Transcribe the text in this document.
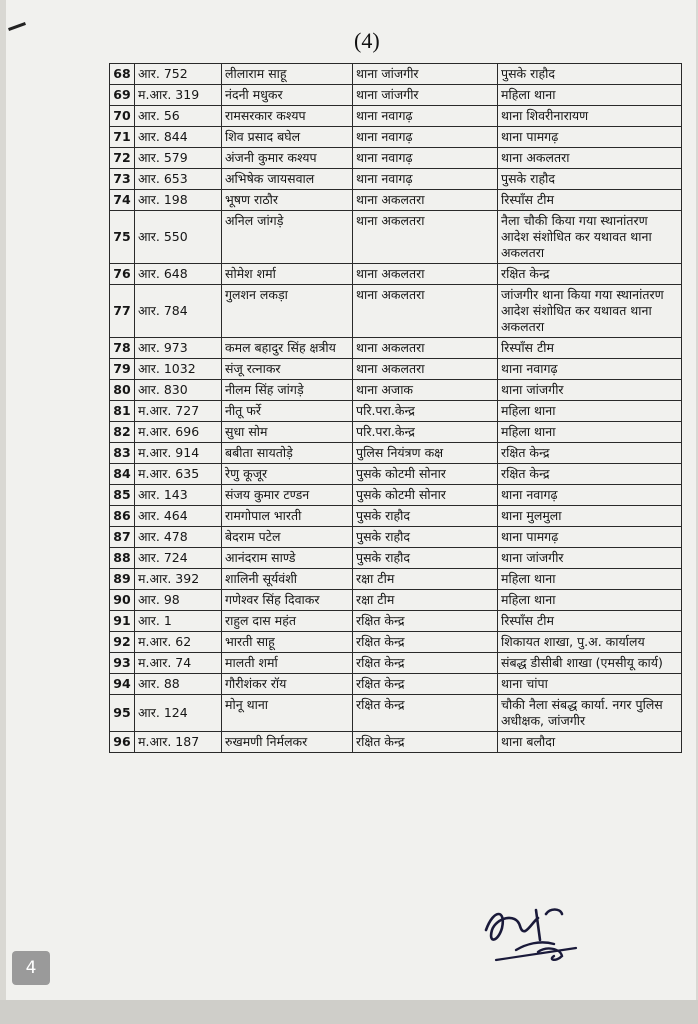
(4)
68	आर. 752	लीलाराम साहू	थाना जांजगीर	पुसके राहौद
69	म.आर. 319	नंदनी मधुकर	थाना जांजगीर	महिला थाना
70	आर. 56	रामसरकार कश्यप	थाना नवागढ़	थाना शिवरीनारायण
71	आर. 844	शिव प्रसाद बघेल	थाना नवागढ़	थाना पामगढ़
72	आर. 579	अंजनी कुमार कश्यप	थाना नवागढ़	थाना अकलतरा
73	आर. 653	अभिषेक जायसवाल	थाना नवागढ़	पुसके राहौद
74	आर. 198	भूषण राठौर	थाना अकलतरा	रिस्पॉंस टीम
75	आर. 550	अनिल जांगड़े	थाना अकलतरा	नैला चौकी किया गया स्थानांतरण आदेश संशोधित कर यथावत थाना अकलतरा
76	आर. 648	सोमेश शर्मा	थाना अकलतरा	रक्षित केन्द्र
77	आर. 784	गुलशन लकड़ा	थाना अकलतरा	जांजगीर थाना किया गया स्थानांतरण आदेश संशोधित कर यथावत थाना अकलतरा
78	आर. 973	कमल बहादुर सिंह क्षत्रीय	थाना अकलतरा	रिस्पॉंस टीम
79	आर. 1032	संजू रत्नाकर	थाना अकलतरा	थाना नवागढ़
80	आर. 830	नीलम सिंह जांगड़े	थाना अजाक	थाना जांजगीर
81	म.आर. 727	नीतू फर्रे	परि.परा.केन्द्र	महिला थाना
82	म.आर. 696	सुधा सोम	परि.परा.केन्द्र	महिला थाना
83	म.आर. 914	बबीता सायतोड़े	पुलिस नियंत्रण कक्ष	रक्षित केन्द्र
84	म.आर. 635	रेणु कूजूर	पुसके कोटमी सोनार	रक्षित केन्द्र
85	आर. 143	संजय कुमार टण्डन	पुसके कोटमी सोनार	थाना नवागढ़
86	आर. 464	रामगोपाल भारती	पुसके राहौद	थाना मुलमुला
87	आर. 478	बेदराम पटेल	पुसके राहौद	थाना पामगढ़
88	आर. 724	आनंदराम साण्डे	पुसके राहौद	थाना जांजगीर
89	म.आर. 392	शालिनी सूर्यवंशी	रक्षा टीम	महिला थाना
90	आर. 98	गणेश्वर सिंह दिवाकर	रक्षा टीम	महिला थाना
91	आर. 1	राहुल दास महंत	रक्षित केन्द्र	रिस्पॉंस टीम
92	म.आर. 62	भारती साहू	रक्षित केन्द्र	शिकायत शाखा, पु.अ. कार्यालय
93	म.आर. 74	मालती शर्मा	रक्षित केन्द्र	संबद्ध डीसीबी शाखा (एमसीयू कार्य)
94	आर. 88	गौरीशंकर रॉय	रक्षित केन्द्र	थाना चांपा
95	आर. 124	मोनू थाना	रक्षित केन्द्र	चौकी नैला संबद्ध कार्या. नगर पुलिस अधीक्षक, जांजगीर
96	म.आर. 187	रुखमणी निर्मलकर	रक्षित केन्द्र	थाना बलौदा
4
